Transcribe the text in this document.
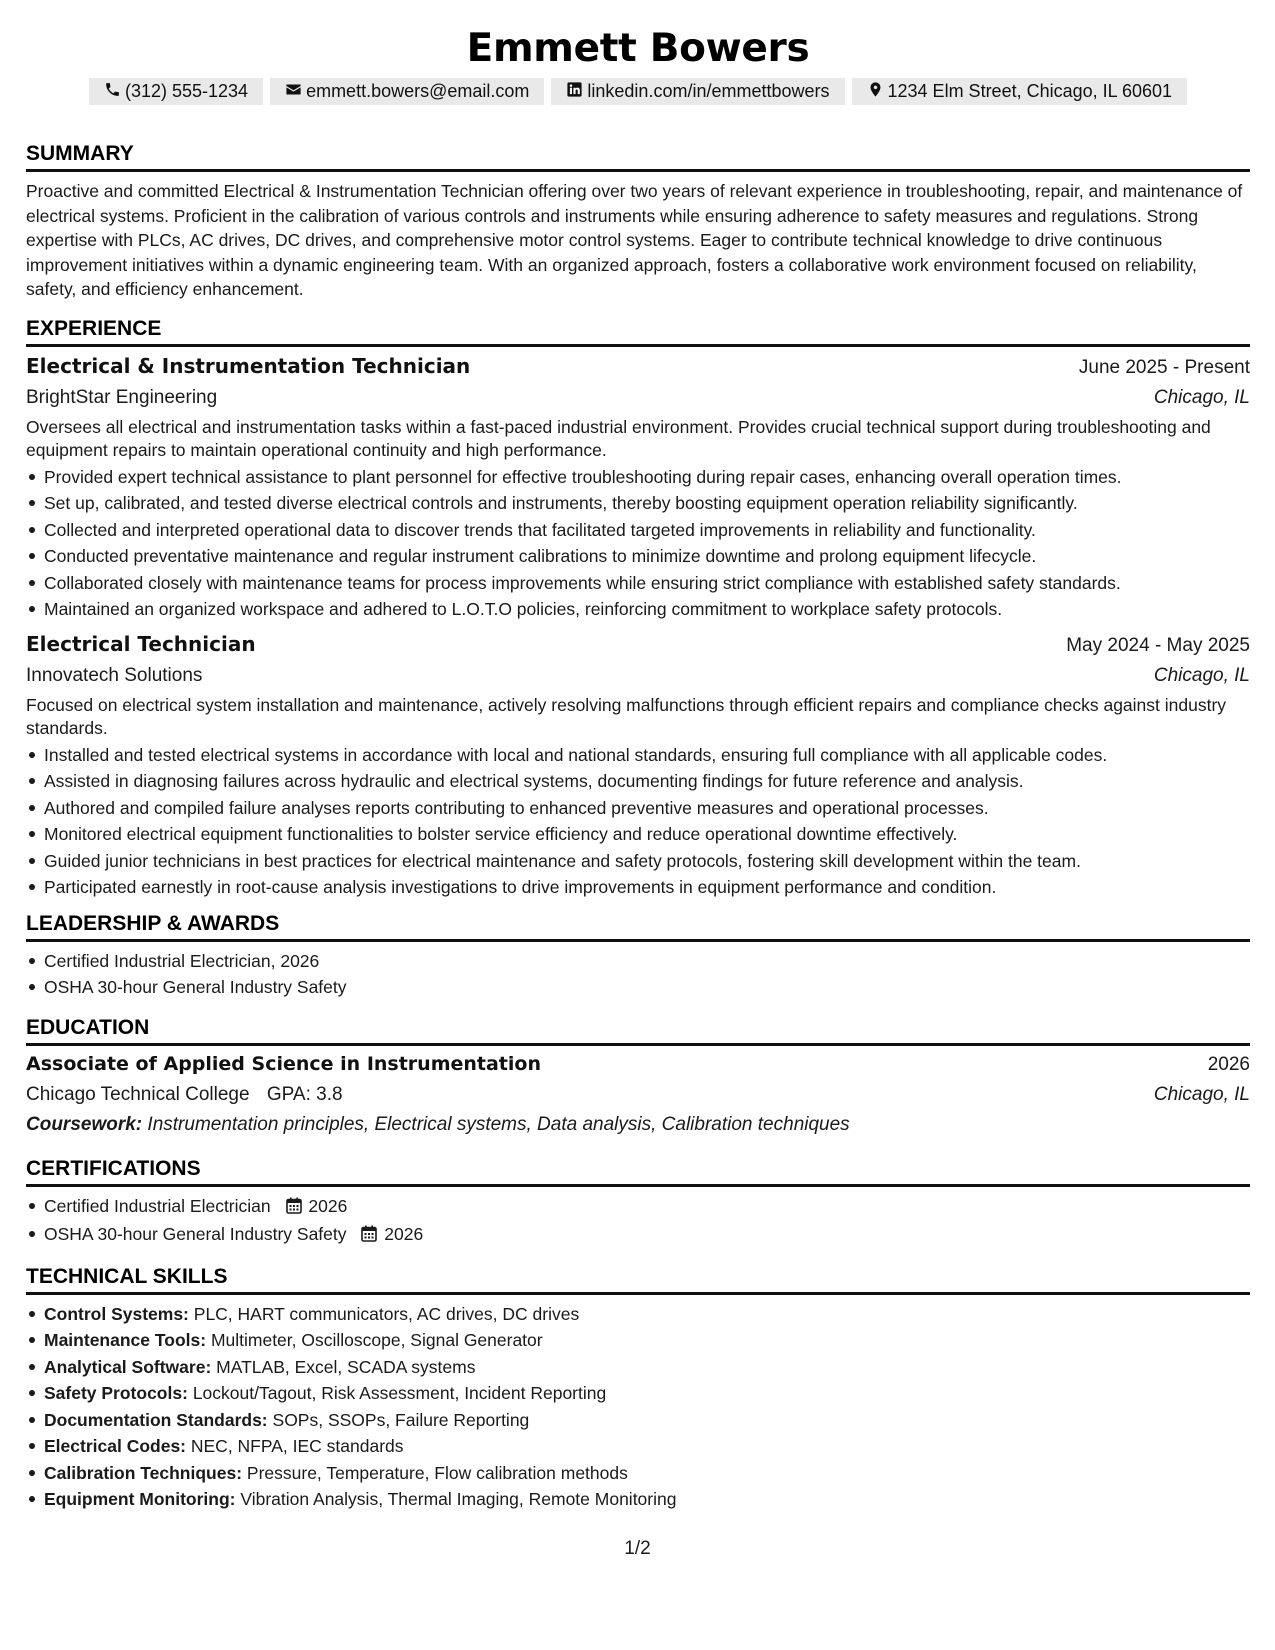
Emmett Bowers
(312) 555-1234	emmett.bowers@email.com	linkedin.com/in/emmettbowers	1234 Elm Street, Chicago, IL 60601
SUMMARY
Proactive and committed Electrical & Instrumentation Technician offering over two years of relevant experience in troubleshooting, repair, and maintenance of electrical systems. Proficient in the calibration of various controls and instruments while ensuring adherence to safety measures and regulations. Strong expertise with PLCs, AC drives, DC drives, and comprehensive motor control systems. Eager to contribute technical knowledge to drive continuous improvement initiatives within a dynamic engineering team. With an organized approach, fosters a collaborative work environment focused on reliability, safety, and efficiency enhancement.
EXPERIENCE
Electrical & Instrumentation Technician	June 2025 - Present
BrightStar Engineering	Chicago, IL
Oversees all electrical and instrumentation tasks within a fast-paced industrial environment. Provides crucial technical support during troubleshooting and equipment repairs to maintain operational continuity and high performance.
Provided expert technical assistance to plant personnel for effective troubleshooting during repair cases, enhancing overall operation times.
Set up, calibrated, and tested diverse electrical controls and instruments, thereby boosting equipment operation reliability significantly.
Collected and interpreted operational data to discover trends that facilitated targeted improvements in reliability and functionality.
Conducted preventative maintenance and regular instrument calibrations to minimize downtime and prolong equipment lifecycle.
Collaborated closely with maintenance teams for process improvements while ensuring strict compliance with established safety standards.
Maintained an organized workspace and adhered to L.O.T.O policies, reinforcing commitment to workplace safety protocols.
Electrical Technician	May 2024 - May 2025
Innovatech Solutions	Chicago, IL
Focused on electrical system installation and maintenance, actively resolving malfunctions through efficient repairs and compliance checks against industry standards.
Installed and tested electrical systems in accordance with local and national standards, ensuring full compliance with all applicable codes.
Assisted in diagnosing failures across hydraulic and electrical systems, documenting findings for future reference and analysis.
Authored and compiled failure analyses reports contributing to enhanced preventive measures and operational processes.
Monitored electrical equipment functionalities to bolster service efficiency and reduce operational downtime effectively.
Guided junior technicians in best practices for electrical maintenance and safety protocols, fostering skill development within the team.
Participated earnestly in root-cause analysis investigations to drive improvements in equipment performance and condition.
LEADERSHIP & AWARDS
Certified Industrial Electrician, 2026
OSHA 30-hour General Industry Safety
EDUCATION
Associate of Applied Science in Instrumentation	2026
Chicago Technical College GPA: 3.8	Chicago, IL
Coursework: Instrumentation principles, Electrical systems, Data analysis, Calibration techniques
CERTIFICATIONS
Certified Industrial Electrician 2026
OSHA 30-hour General Industry Safety 2026
TECHNICAL SKILLS
Control Systems: PLC, HART communicators, AC drives, DC drives
Maintenance Tools: Multimeter, Oscilloscope, Signal Generator
Analytical Software: MATLAB, Excel, SCADA systems
Safety Protocols: Lockout/Tagout, Risk Assessment, Incident Reporting
Documentation Standards: SOPs, SSOPs, Failure Reporting
Electrical Codes: NEC, NFPA, IEC standards
Calibration Techniques: Pressure, Temperature, Flow calibration methods
Equipment Monitoring: Vibration Analysis, Thermal Imaging, Remote Monitoring
1/2
